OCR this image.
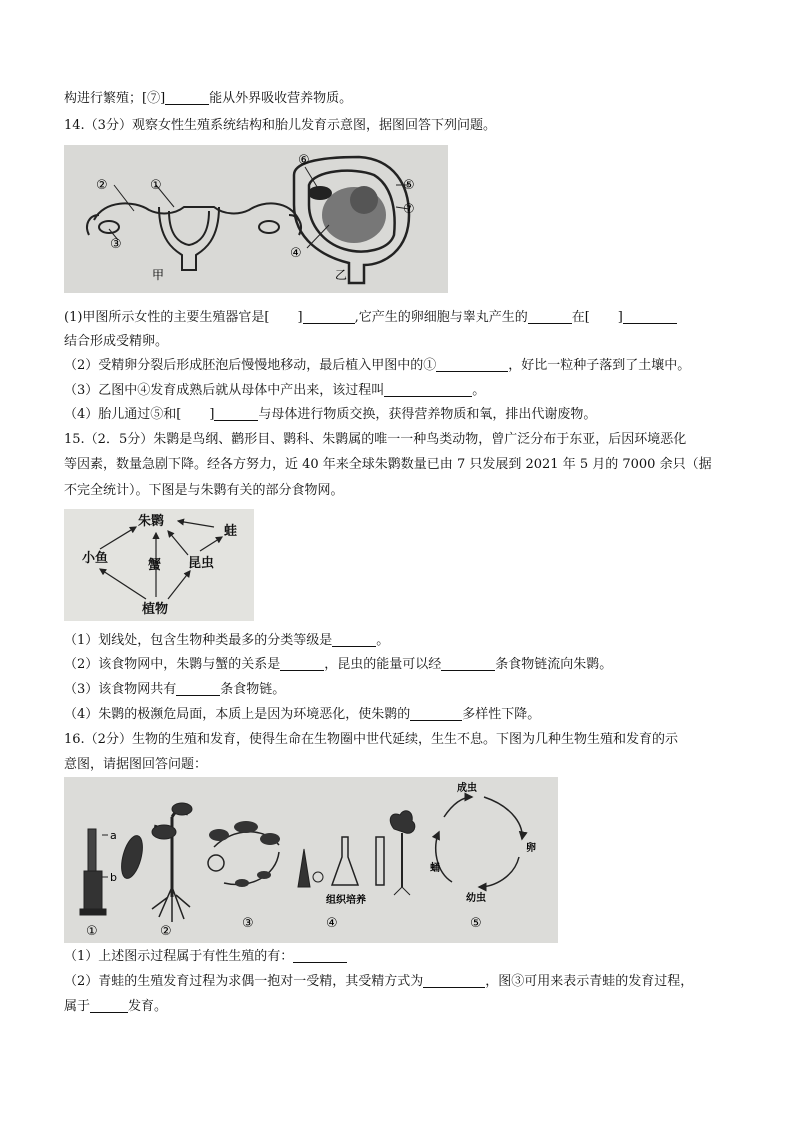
构进行繁殖；[⑦]	能从外界吸收营养物质。
14.（3分）观察女性生殖系统结构和胎儿发育示意图，据图回答下列问题。
②	①
③
甲
⑥
⑤
⑦
④
乙
(1)甲图所示女性的主要生殖器官是[ ]	,它产生的卵细胞与睾丸产生的	在[ ]
结合形成受精卵。
（2）受精卵分裂后形成胚泡后慢慢地移动，最后植入甲图中的①	，好比一粒种子落到了土壤中。
（3）乙图中④发育成熟后就从母体中产出来，该过程叫	。
（4）胎儿通过⑤和[ ]	与母体进行物质交换，获得营养物质和氧，排出代谢废物。
15.（2．5分）朱鹮是鸟纲、鹳形目、鹮科、朱鹮属的唯一一种鸟类动物，曾广泛分布于东亚，后因环境恶化
等因素，数量急剧下降。经各方努力，近 40 年来全球朱鹮数量已由 7 只发展到 2021 年 5 月的 7000 余只（据
不完全统计）。下图是与朱鹮有关的部分食物网。
朱鹮
蛙
小鱼	昆虫
蟹
植物
（1）划线处，包含生物种类最多的分类等级是	。
（2）该食物网中，朱鹮与蟹的关系是	，昆虫的能量可以经	条食物链流向朱鹮。
（3）该食物网共有	条食物链。
（4）朱鹮的极濒危局面，本质上是因为环境恶化，使朱鹮的	多样性下降。
16.（2分）生物的生殖和发育，使得生命在生物圈中世代延续，生生不息。下图为几种生物生殖和发育的示
意图，请据图回答问题：
a
b
组织培养
成虫
卵
幼虫
蛹
①	②
③	④	⑤
（1）上述图示过程属于有性生殖的有：
（2）青蛙的生殖发育过程为求偶一抱对一受精，其受精方式为	，图③可用来表示青蛙的发育过程，
属于	发育。
